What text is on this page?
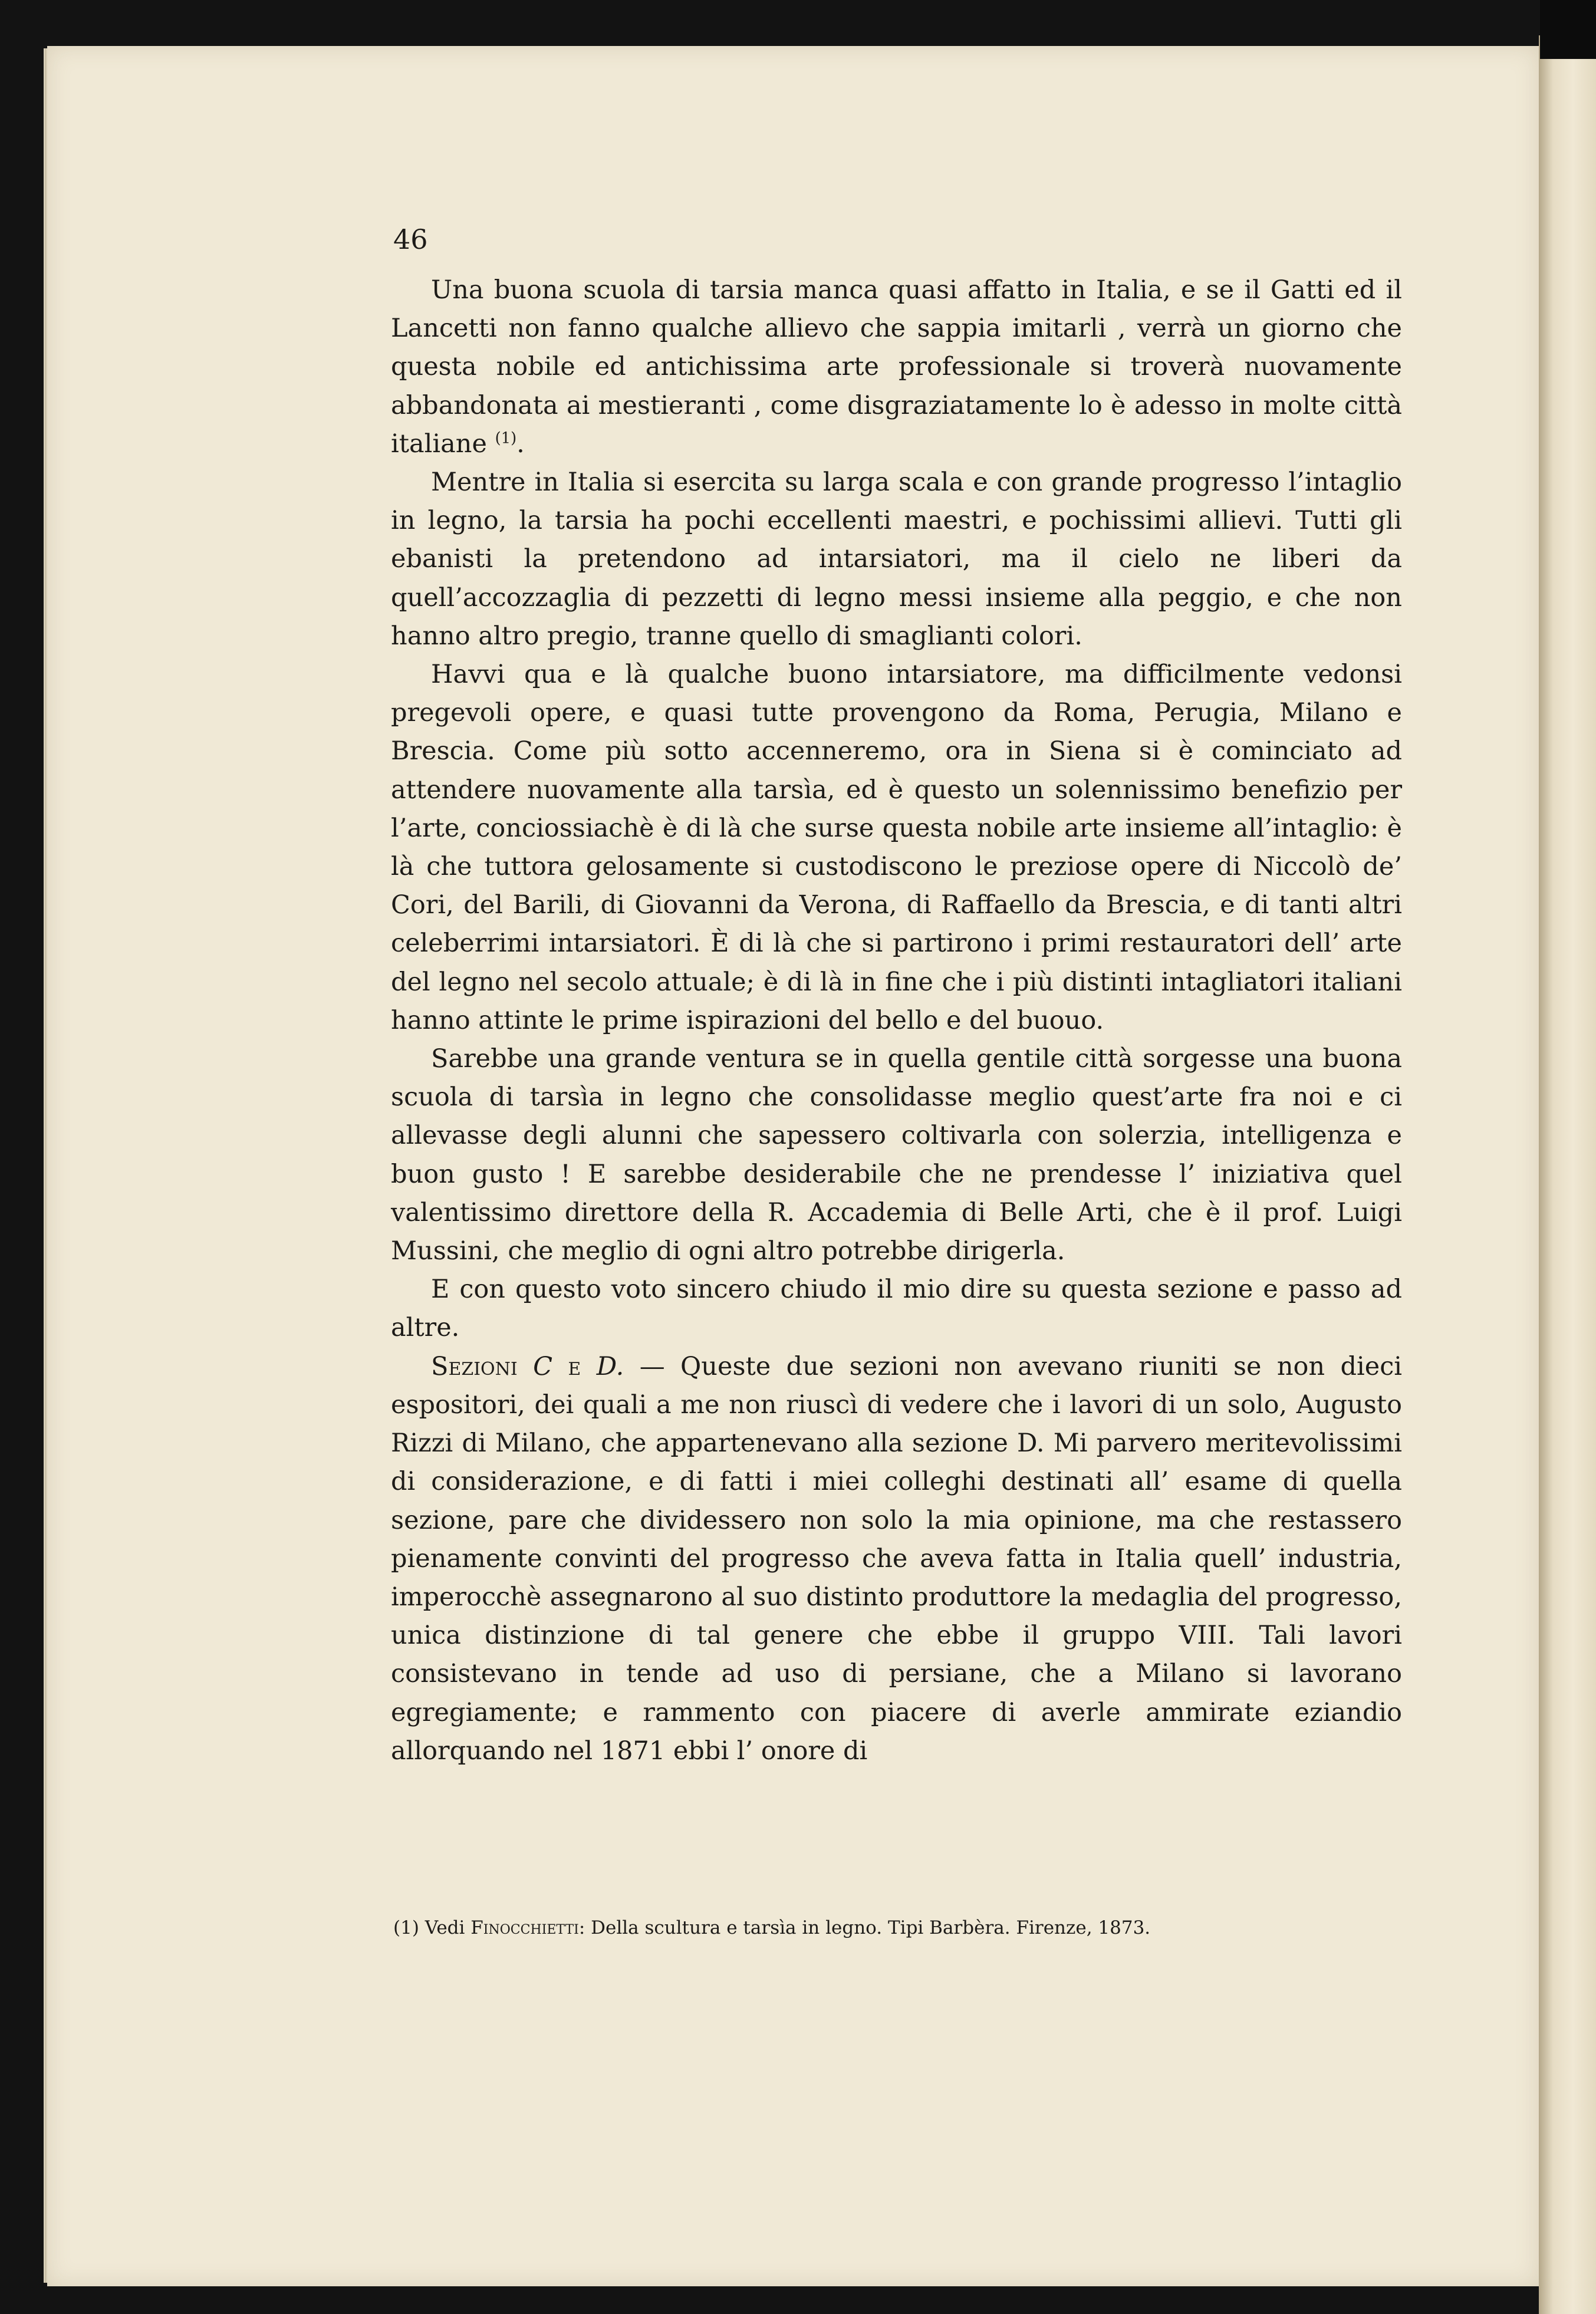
46

Una buona scuola di tarsia manca quasi affatto in Italia, e se il Gatti ed il Lancetti non fanno qualche allievo che sappia imitarli , verrà un giorno che questa nobile ed antichissima arte professionale si troverà nuovamente abbandonata ai mestieranti , come disgraziatamente lo è adesso in molte città italiane $^{(1)}$.

Mentre in Italia si esercita su larga scala e con grande progresso l’intaglio in legno, la tarsia ha pochi eccellenti maestri, e pochissimi allievi. Tutti gli ebanisti la pretendono ad intarsiatori, ma il cielo ne liberi da quell’accozzaglia di pezzetti di legno messi insieme alla peggio, e che non hanno altro pregio, tranne quello di smaglianti colori.

Havvi qua e là qualche buono intarsiatore, ma difficilmente vedonsi pregevoli opere, e quasi tutte provengono da Roma, Perugia, Milano e Brescia. Come più sotto accenneremo, ora in Siena si è cominciato ad attendere nuovamente alla tarsìa, ed è questo un solennissimo benefizio per l’arte, conciossiachè è di là che surse questa nobile arte insieme all’intaglio: è là che tuttora gelosamente si custodiscono le preziose opere di Niccolò de’ Cori, del Barili, di Giovanni da Verona, di Raffaello da Brescia, e di tanti altri celeberrimi intarsiatori. È di là che si partirono i primi restauratori dell’ arte del legno nel secolo attuale; è di là in fine che i più distinti intagliatori italiani hanno attinte le prime ispirazioni del bello e del buouo.

Sarebbe una grande ventura se in quella gentile città sorgesse una buona scuola di tarsìa in legno che consolidasse meglio quest’arte fra noi e ci allevasse degli alunni che sapessero coltivarla con solerzia, intelligenza e buon gusto ! E sarebbe desiderabile che ne prendesse l’ iniziativa quel valentissimo direttore della R. Accademia di Belle Arti, che è il prof. Luigi Mussini, che meglio di ogni altro potrebbe dirigerla.

E con questo voto sincero chiudo il mio dire su questa sezione e passo ad altre.

Sezioni C e D. — Queste due sezioni non avevano riuniti se non dieci espositori, dei quali a me non riuscì di vedere che i lavori di un solo, Augusto Rizzi di Milano, che appartenevano alla sezione D. Mi parvero meritevolissimi di considerazione, e di fatti i miei colleghi destinati all’ esame di quella sezione, pare che dividessero non solo la mia opinione, ma che restassero pienamente convinti del progresso che aveva fatta in Italia quell’ industria, imperocchè assegnarono al suo distinto produttore la medaglia del progresso, unica distinzione di tal genere che ebbe il gruppo VIII. Tali lavori consistevano in tende ad uso di persiane, che a Milano si lavorano egregiamente; e rammento con piacere di averle ammirate eziandio allorquando nel 1871 ebbi l’ onore di

(1) Vedi Finocchietti: Della scultura e tarsìa in legno. Tipi Barbèra. Firenze, 1873.
